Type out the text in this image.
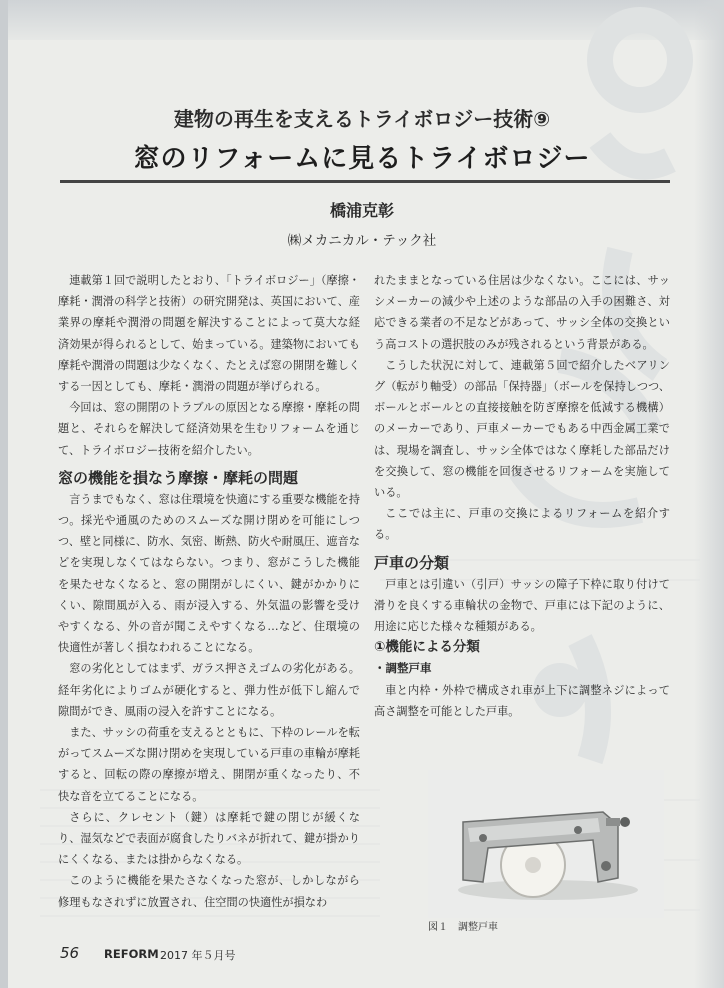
建物の再生を支えるトライボロジー技術⑨
窓のリフォームに見るトライボロジー
橋浦克彰
㈱メカニカル・テック社

連載第１回で説明したとおり、「トライボロジー」（摩擦・摩耗・潤滑の科学と技術）の研究開発は、英国において、産業界の摩耗や潤滑の問題を解決することによって莫大な経済効果が得られるとして、始まっている。建築物においても摩耗や潤滑の問題は少なくなく、たとえば窓の開閉を難しくする一因としても、摩耗・潤滑の問題が挙げられる。

今回は、窓の開閉のトラブルの原因となる摩擦・摩耗の問題と、それらを解決して経済効果を生むリフォームを通じて、トライボロジー技術を紹介したい。

窓の機能を損なう摩擦・摩耗の問題

言うまでもなく、窓は住環境を快適にする重要な機能を持つ。採光や通風のためのスムーズな開け閉めを可能にしつつ、壁と同様に、防水、気密、断熱、防火や耐風圧、遮音などを実現しなくてはならない。つまり、窓がこうした機能を果たせなくなると、窓の開閉がしにくい、鍵がかかりにくい、隙間風が入る、雨が浸入する、外気温の影響を受けやすくなる、外の音が聞こえやすくなる…など、住環境の快適性が著しく損なわれることになる。

窓の劣化としてはまず、ガラス押さえゴムの劣化がある。経年劣化によりゴムが硬化すると、弾力性が低下し縮んで隙間ができ、風雨の浸入を許すことになる。

また、サッシの荷重を支えるとともに、下枠のレールを転がってスムーズな開け閉めを実現している戸車の車輪が摩耗すると、回転の際の摩擦が増え、開閉が重くなったり、不快な音を立てることになる。

さらに、クレセント（鍵）は摩耗で鍵の閉じが緩くなり、湿気などで表面が腐食したりバネが折れて、鍵が掛かりにくくなる、または掛からなくなる。

このように機能を果たさなくなった窓が、しかしながら修理もなされずに放置され、住空間の快適性が損なわ

れたままとなっている住居は少なくない。ここには、サッシメーカーの減少や上述のような部品の入手の困難さ、対応できる業者の不足などがあって、サッシ全体の交換という高コストの選択肢のみが残されるという背景がある。

こうした状況に対して、連載第５回で紹介したベアリング（転がり軸受）の部品「保持器」（ボールを保持しつつ、ボールとボールとの直接接触を防ぎ摩擦を低減する機構）のメーカーであり、戸車メーカーでもある中西金属工業では、現場を調査し、サッシ全体ではなく摩耗した部品だけを交換して、窓の機能を回復させるリフォームを実施している。

ここでは主に、戸車の交換によるリフォームを紹介する。

戸車の分類

戸車とは引違い（引戸）サッシの障子下枠に取り付けて滑りを良くする車輪状の金物で、戸車には下記のように、用途に応じた様々な種類がある。

①機能による分類

・調整戸車

車と内枠・外枠で構成され車が上下に調整ネジによって高さ調整を可能とした戸車。

図１　調整戸車
56 REFORM 2017 年５月号
